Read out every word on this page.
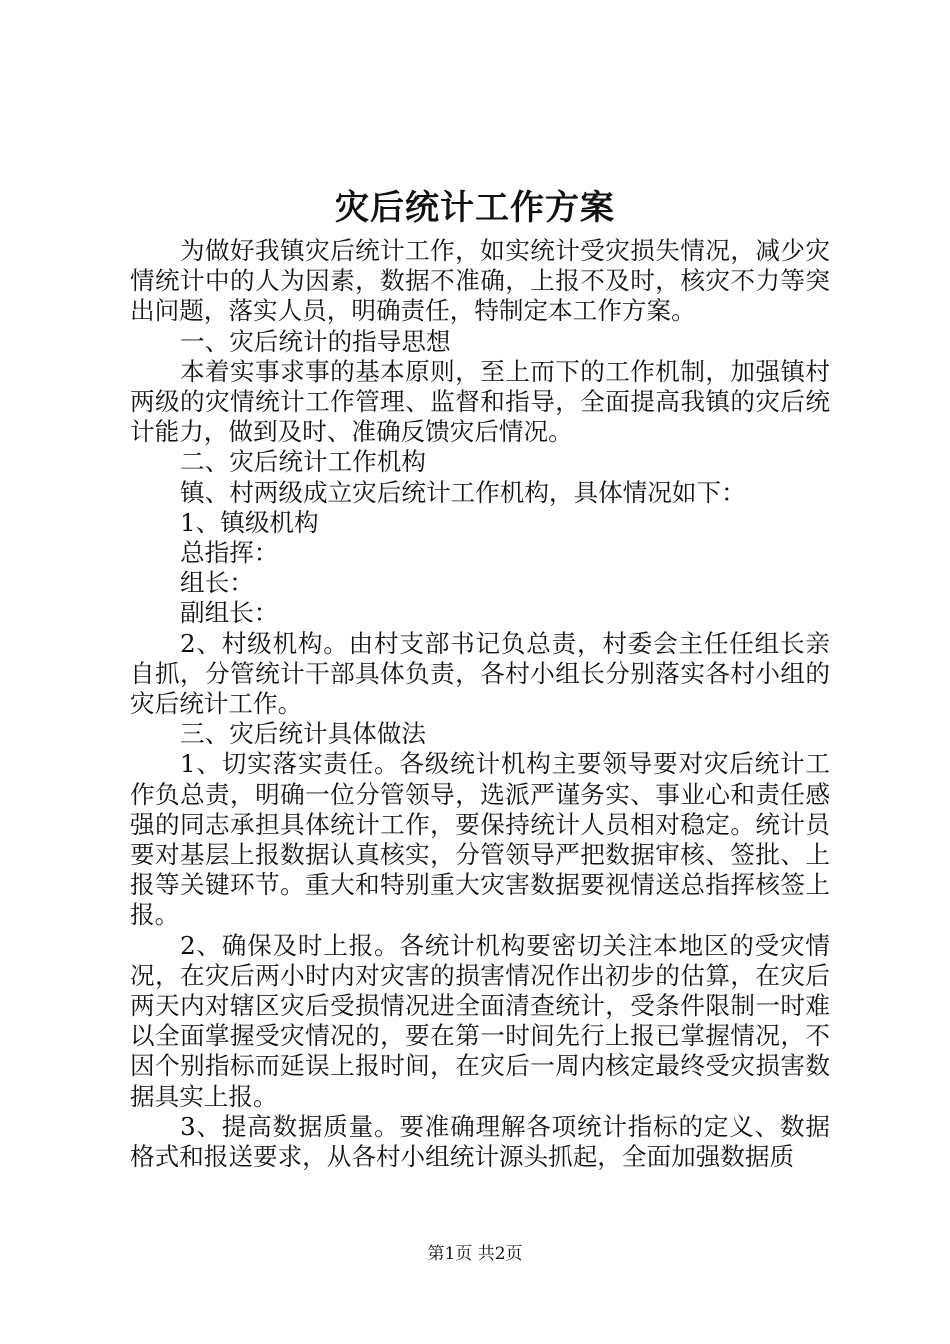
灾后统计工作方案

为做好我镇灾后统计工作，如实统计受灾损失情况，减少灾情统计中的人为因素，数据不准确，上报不及时，核灾不力等突出问题，落实人员，明确责任，特制定本工作方案。

一、灾后统计的指导思想

本着实事求事的基本原则，至上而下的工作机制，加强镇村两级的灾情统计工作管理、监督和指导，全面提高我镇的灾后统计能力，做到及时、准确反馈灾后情况。

二、灾后统计工作机构

镇、村两级成立灾后统计工作机构，具体情况如下：

1、镇级机构

总指挥：

组长：

副组长：

2、村级机构。由村支部书记负总责，村委会主任任组长亲自抓，分管统计干部具体负责，各村小组长分别落实各村小组的灾后统计工作。

三、灾后统计具体做法

1、切实落实责任。各级统计机构主要领导要对灾后统计工作负总责，明确一位分管领导，选派严谨务实、事业心和责任感强的同志承担具体统计工作，要保持统计人员相对稳定。统计员要对基层上报数据认真核实，分管领导严把数据审核、签批、上报等关键环节。重大和特别重大灾害数据要视情送总指挥核签上报。

2、确保及时上报。各统计机构要密切关注本地区的受灾情况，在灾后两小时内对灾害的损害情况作出初步的估算，在灾后两天内对辖区灾后受损情况进全面清查统计，受条件限制一时难以全面掌握受灾情况的，要在第一时间先行上报已掌握情况，不因个别指标而延误上报时间，在灾后一周内核定最终受灾损害数据具实上报。

3、提高数据质量。要准确理解各项统计指标的定义、数据格式和报送要求，从各村小组统计源头抓起，全面加强数据质

第1页 共2页
